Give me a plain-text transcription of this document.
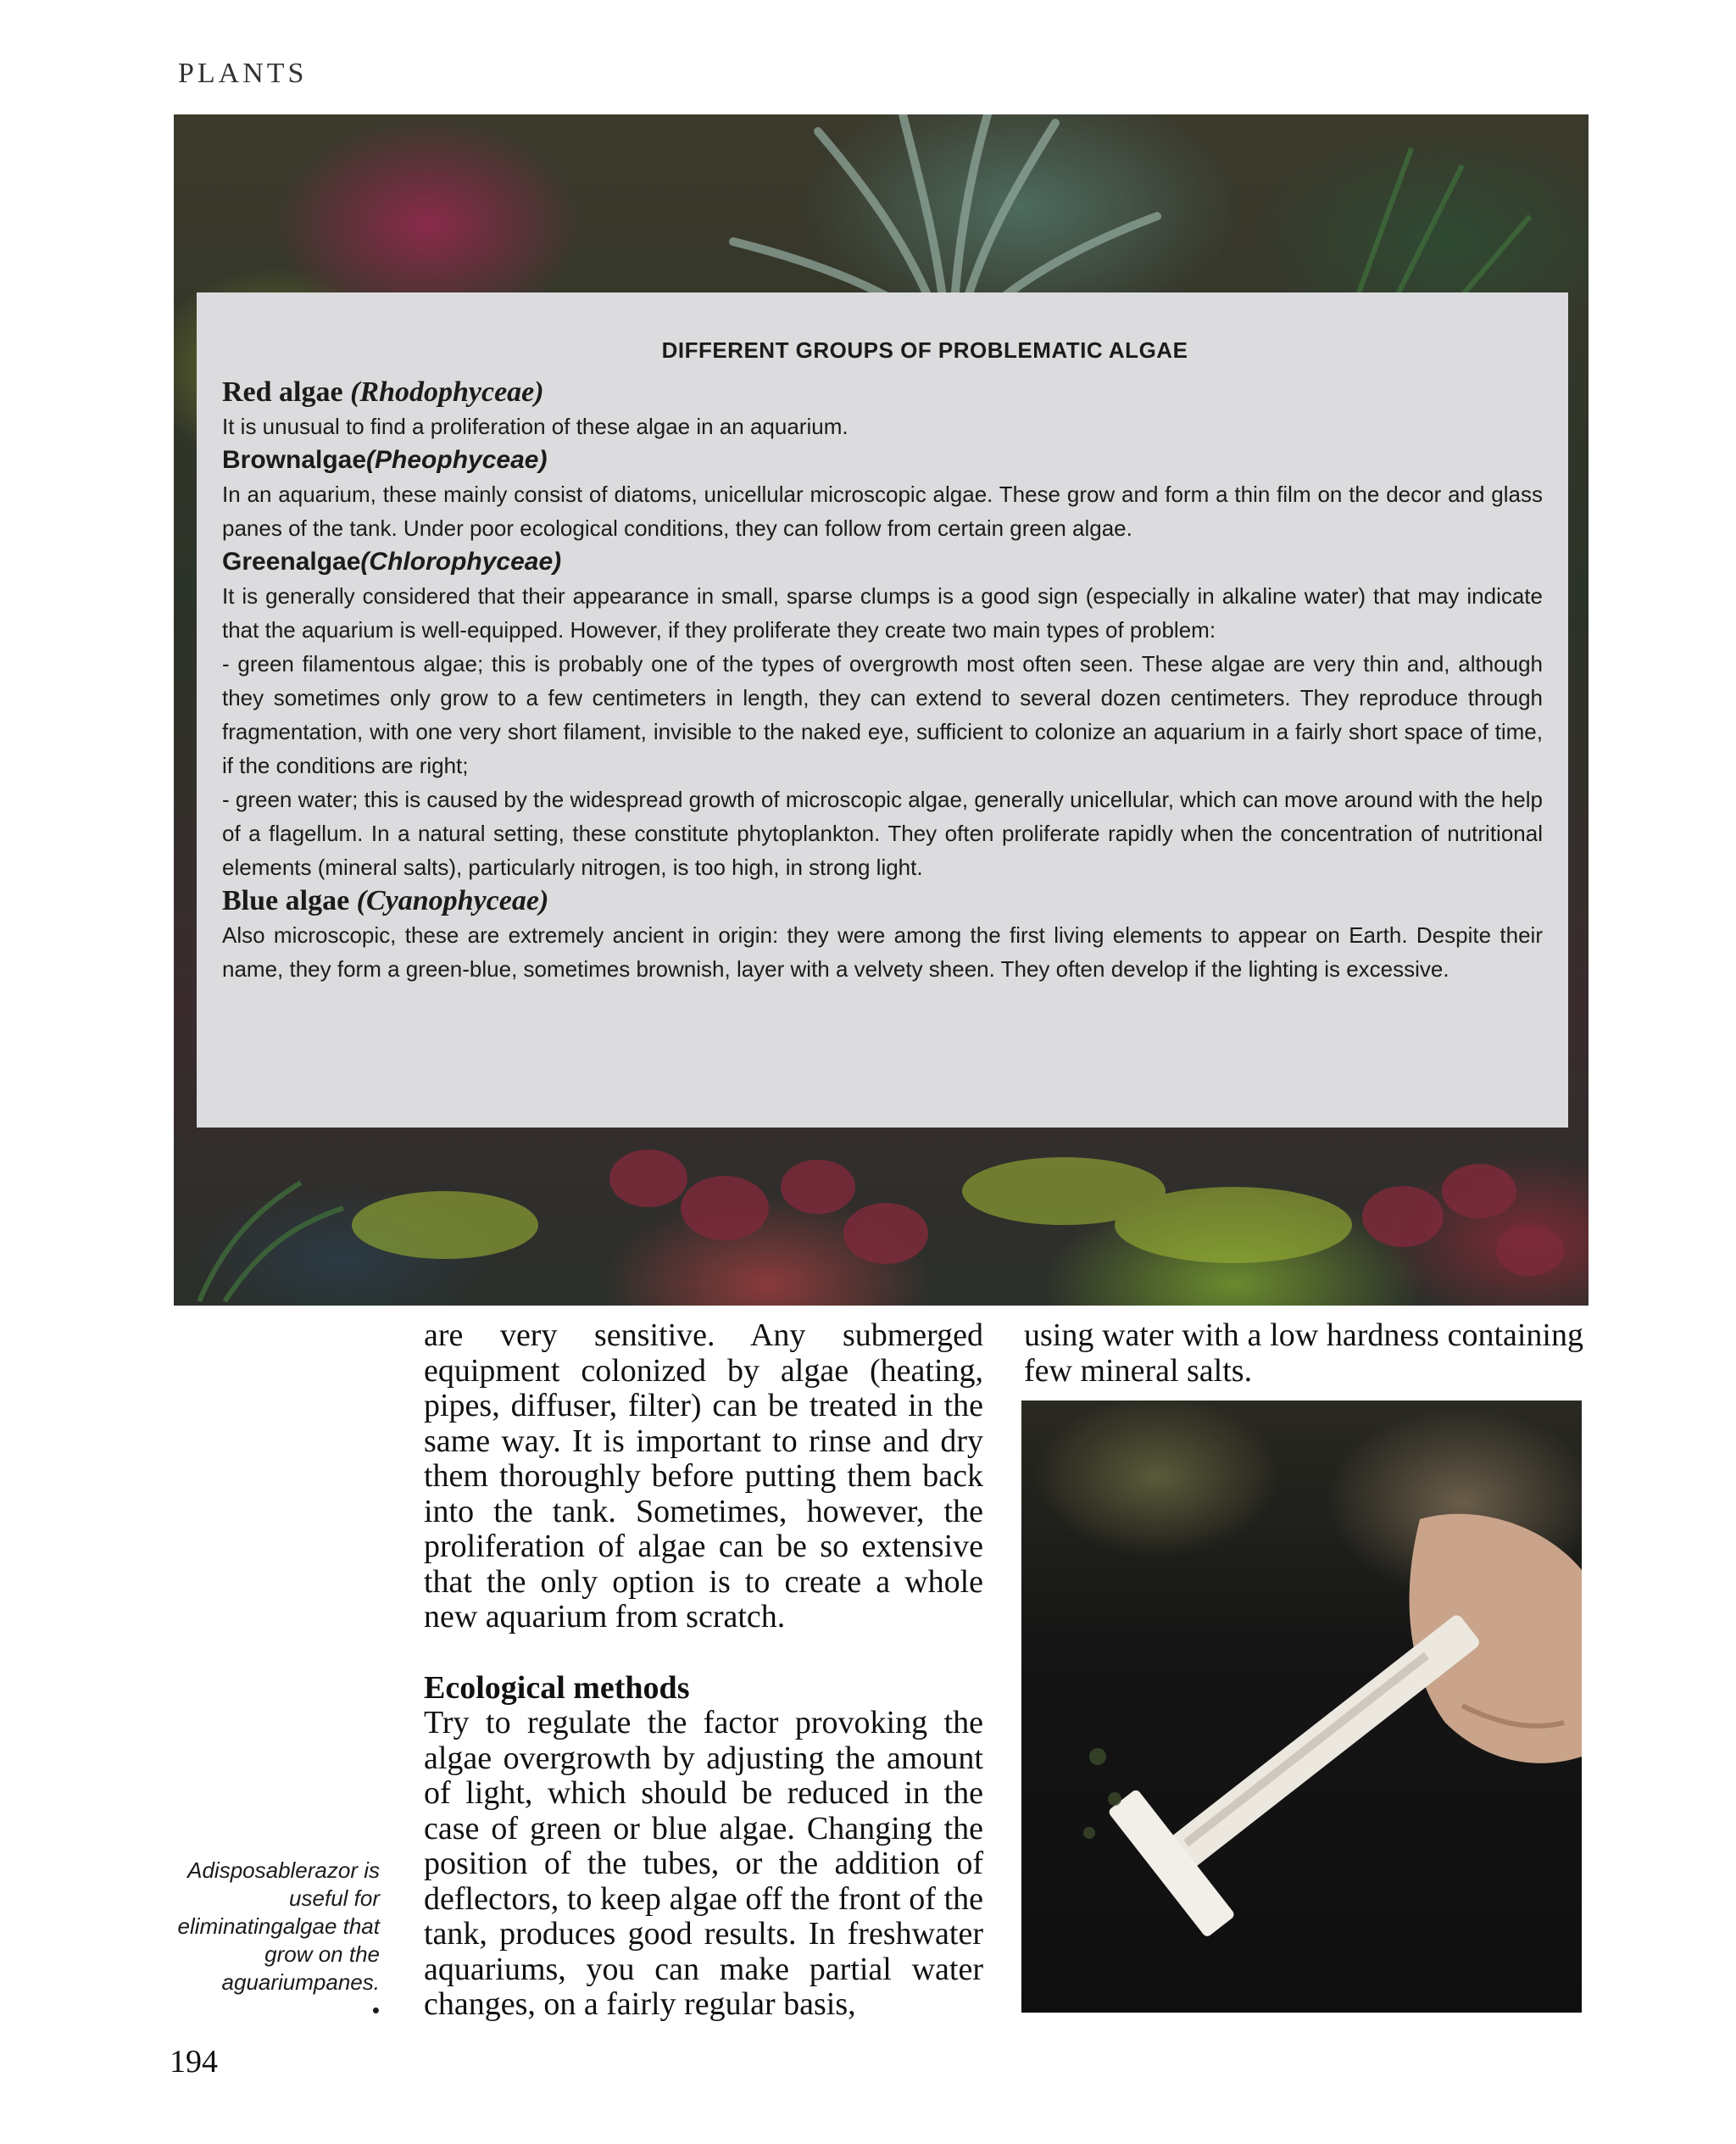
PLANTS
DIFFERENT GROUPS OF PROBLEMATIC ALGAE
Red algae (Rhodophyceae)
It is unusual to find a proliferation of these algae in an aquarium.
Brownalgae(Pheophyceae)
In an aquarium, these mainly consist of diatoms, unicellular microscopic algae. These grow and form a thin film on the decor and glass panes of the tank. Under poor ecological conditions, they can follow from certain green algae.
Greenalgae(Chlorophyceae)
It is generally considered that their appearance in small, sparse clumps is a good sign (especially in alkaline water) that may indicate that the aquarium is well-equipped. However, if they proliferate they create two main types of problem:
- green filamentous algae; this is probably one of the types of overgrowth most often seen. These algae are very thin and, although they sometimes only grow to a few centimeters in length, they can extend to several dozen centimeters. They reproduce through fragmentation, with one very short filament, invisible to the naked eye, sufficient to colonize an aquarium in a fairly short space of time, if the conditions are right;
- green water; this is caused by the widespread growth of microscopic algae, generally unicellular, which can move around with the help of a flagellum. In a natural setting, these constitute phytoplankton. They often proliferate rapidly when the concentration of nutritional elements (mineral salts), particularly nitrogen, is too high, in strong light.
Blue algae (Cyanophyceae)
Also microscopic, these are extremely ancient in origin: they were among the first living elements to appear on Earth. Despite their name, they form a green-blue, sometimes brownish, layer with a velvety sheen. They often develop if the lighting is excessive.
are very sensitive. Any submerged equipment colonized by algae (heating, pipes, diffuser, filter) can be treated in the same way. It is important to rinse and dry them thoroughly before putting them back into the tank. Sometimes, however, the proliferation of algae can be so extensive that the only option is to create a whole new aquarium from scratch.
Ecological methods
Try to regulate the factor provoking the algae overgrowth by adjusting the amount of light, which should be reduced in the case of green or blue algae. Changing the position of the tubes, or the addition of deflectors, to keep algae off the front of the tank, produces good results. In freshwater aquariums, you can make partial water changes, on a fairly regular basis,
using water with a low hardness containing few mineral salts.
Adisposablerazor is useful for eliminatingalgae that grow on the aguariumpanes.
•
194
